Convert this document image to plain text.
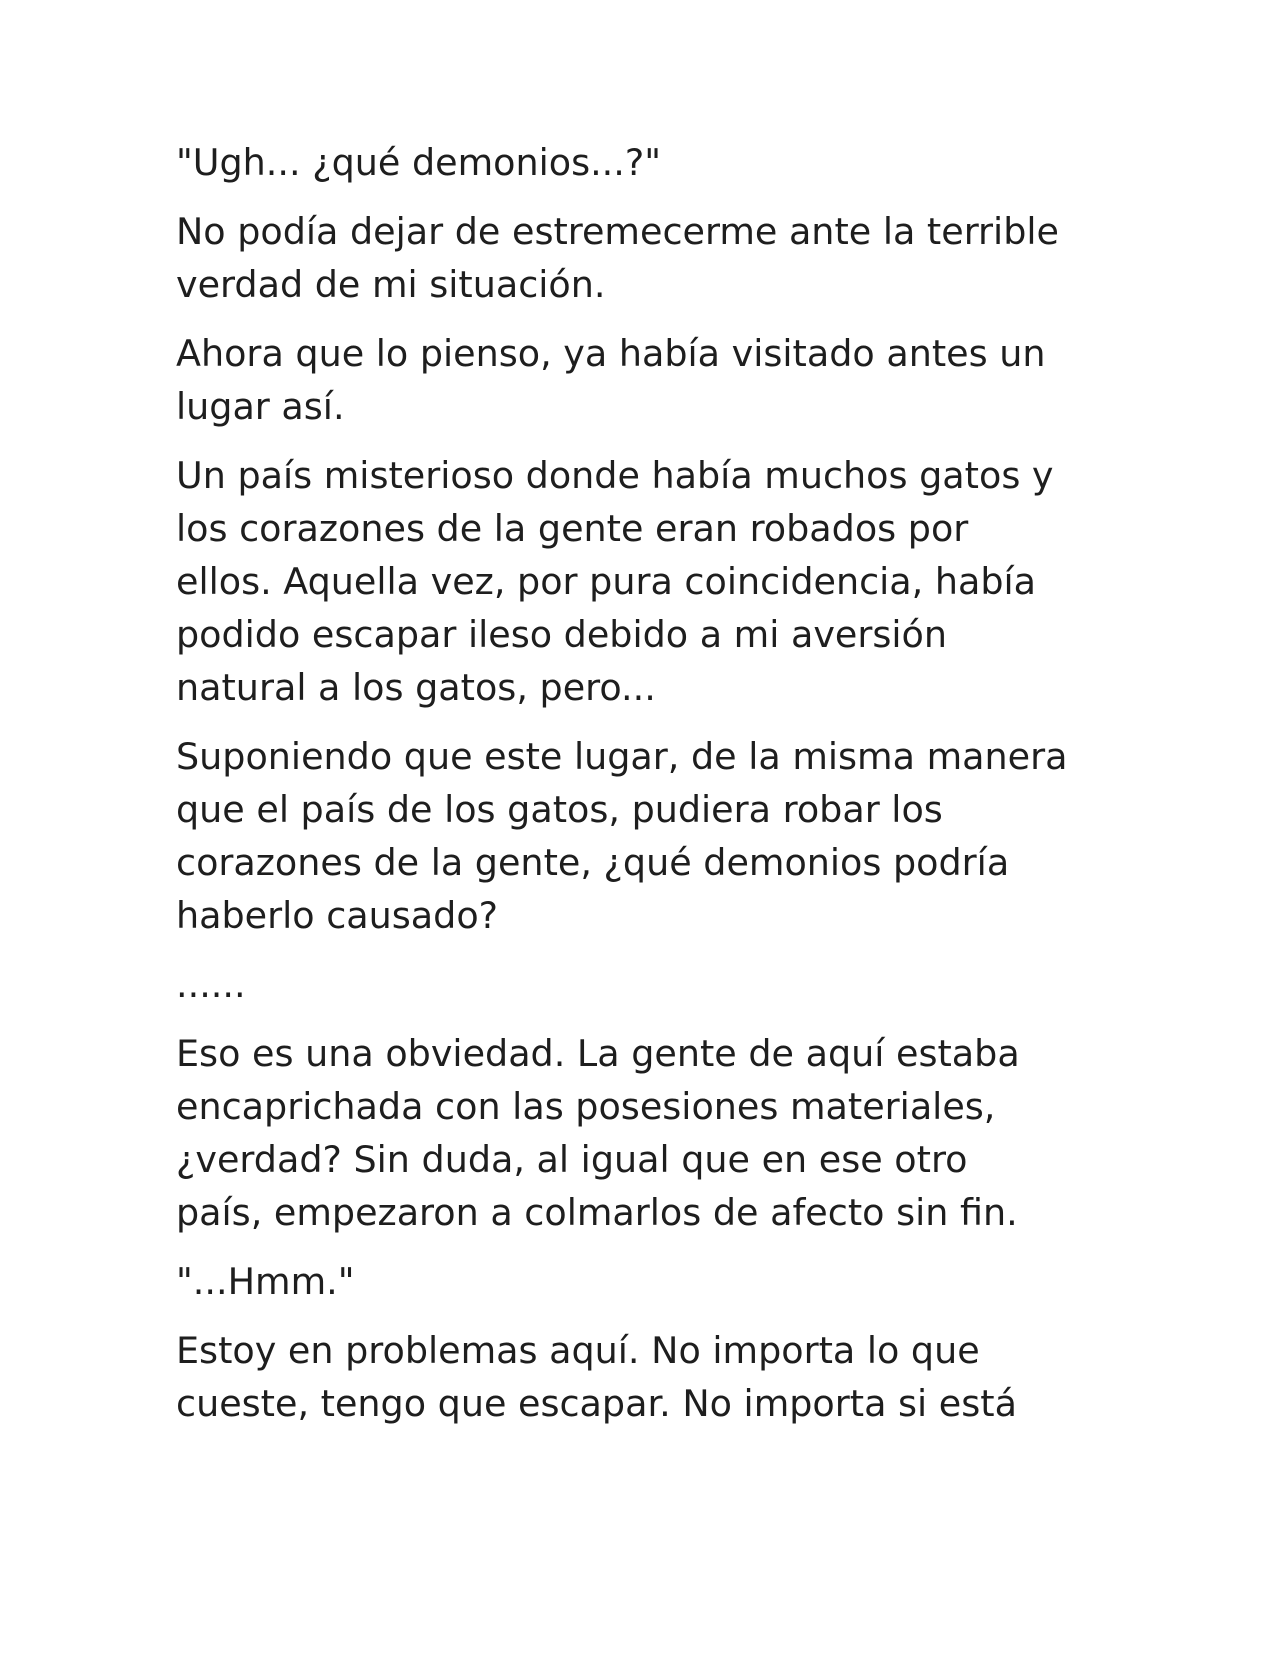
"Ugh... ¿qué demonios...?"

No podía dejar de estremecerme ante la terrible
verdad de mi situación.

Ahora que lo pienso, ya había visitado antes un
lugar así.

Un país misterioso donde había muchos gatos y
los corazones de la gente eran robados por
ellos. Aquella vez, por pura coincidencia, había
podido escapar ileso debido a mi aversión
natural a los gatos, pero...

Suponiendo que este lugar, de la misma manera
que el país de los gatos, pudiera robar los
corazones de la gente, ¿qué demonios podría
haberlo causado?

......

Eso es una obviedad. La gente de aquí estaba
encaprichada con las posesiones materiales,
¿verdad? Sin duda, al igual que en ese otro
país, empezaron a colmarlos de afecto sin fin.

"...Hmm."

Estoy en problemas aquí. No importa lo que
cueste, tengo que escapar. No importa si está
